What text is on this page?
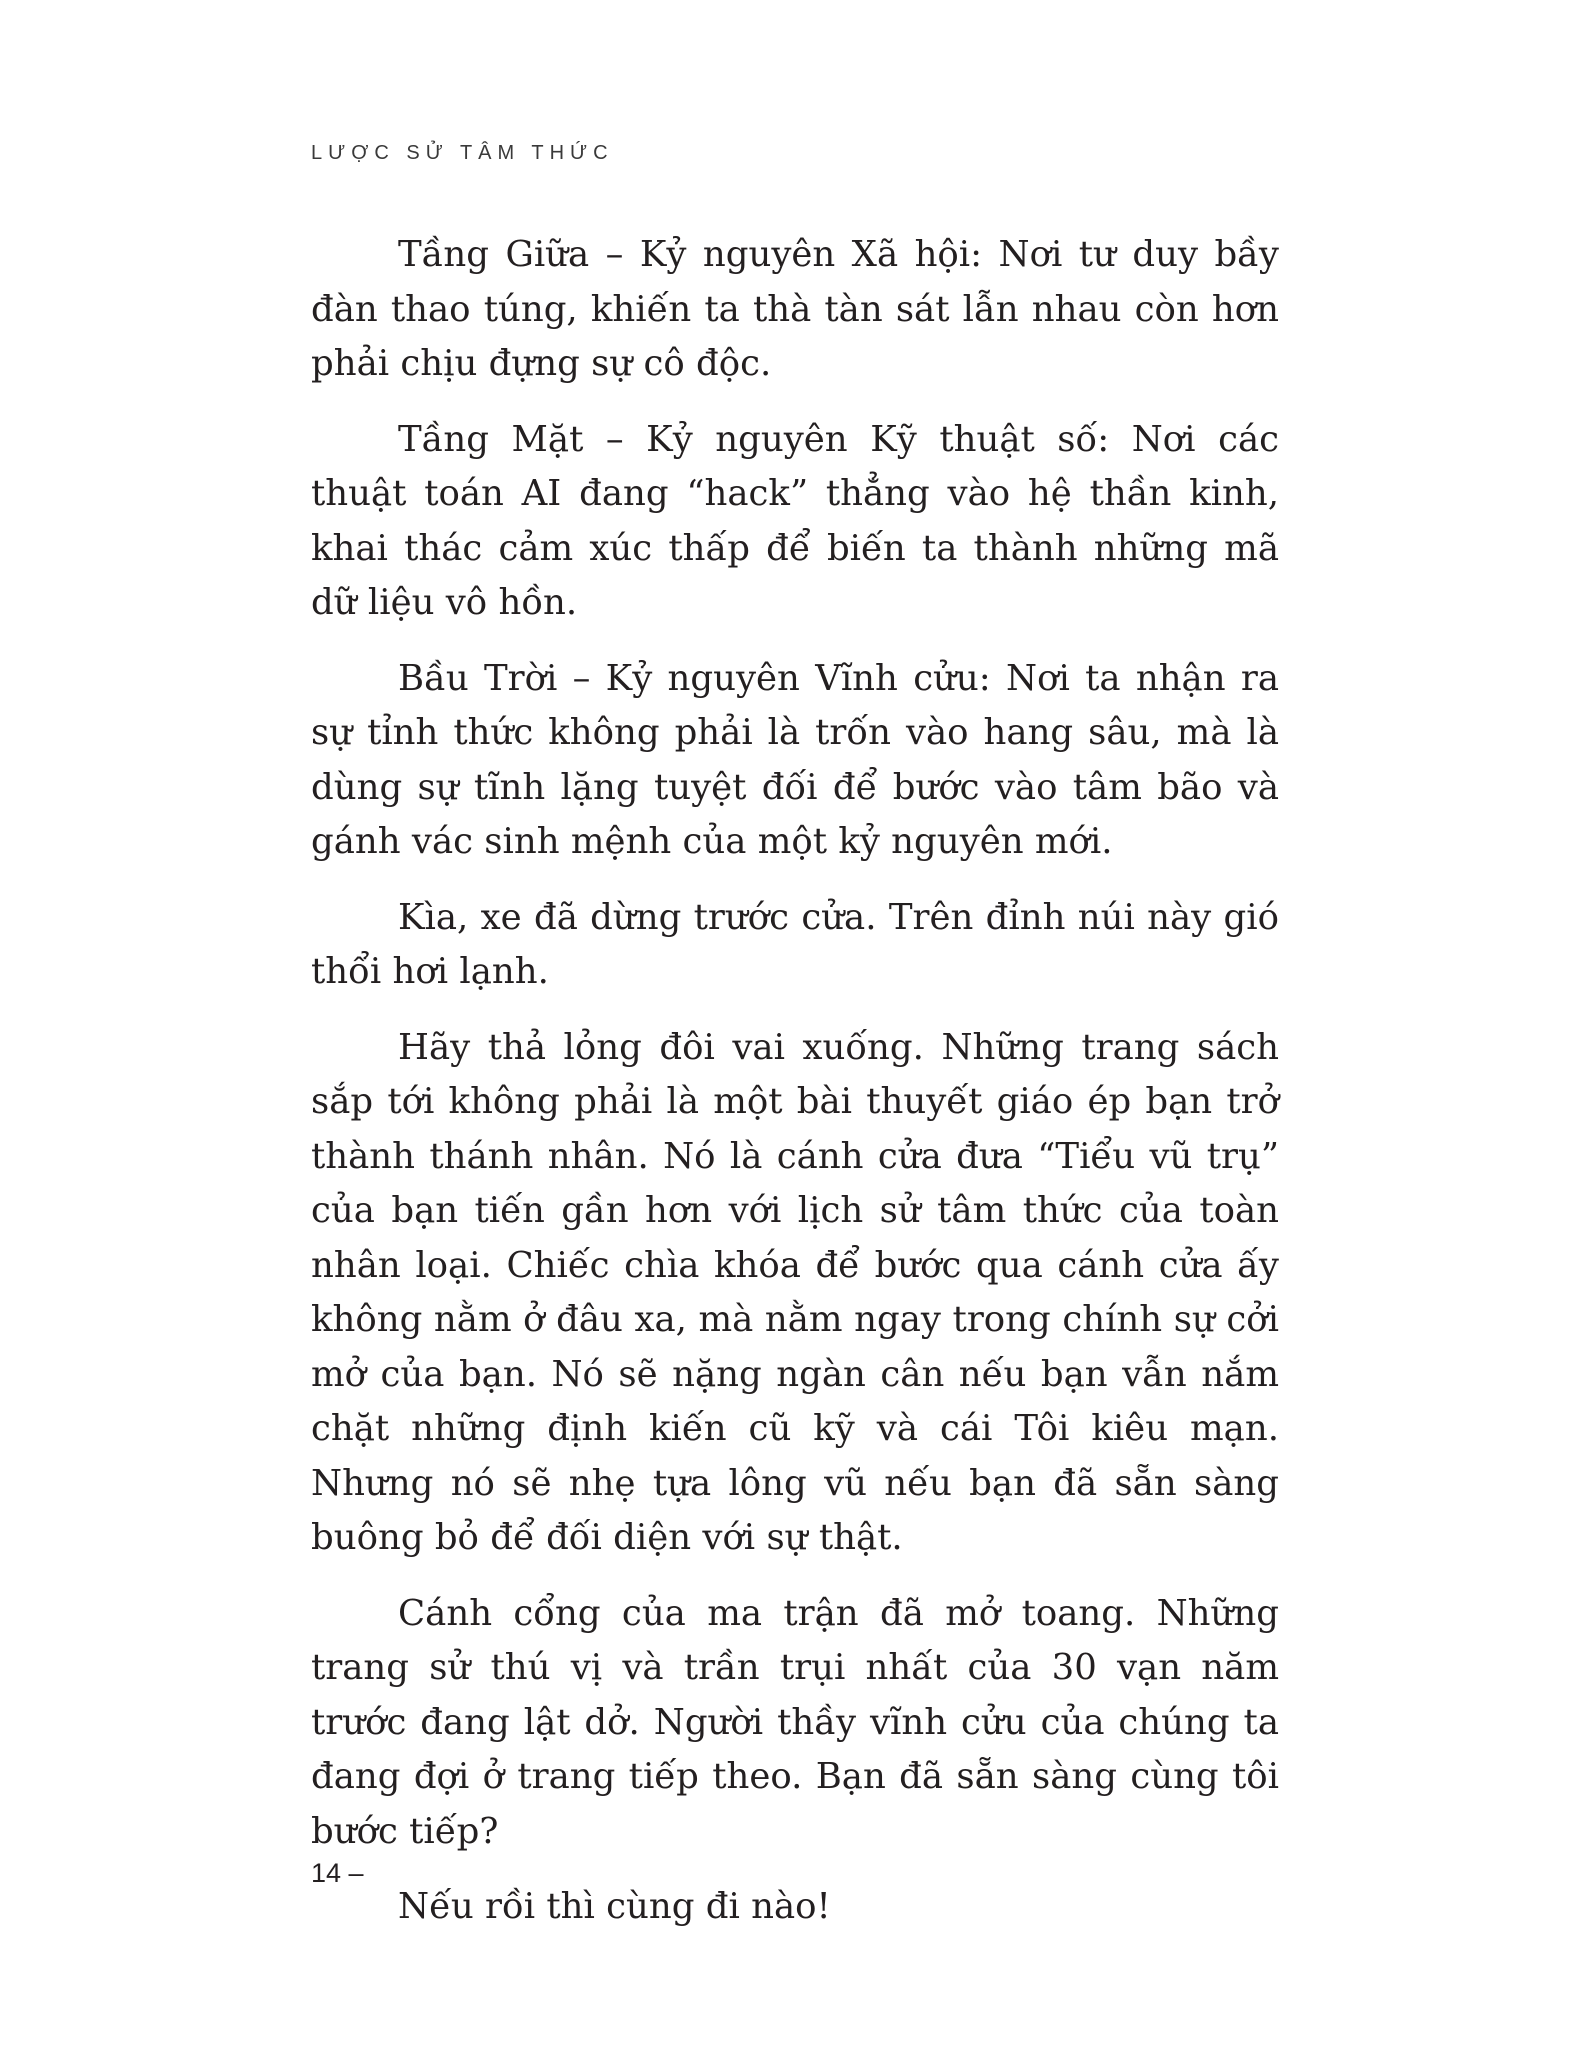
LƯỢC SỬ TÂM THỨC

Tầng Giữa – Kỷ nguyên Xã hội: Nơi tư duy bầy đàn thao túng, khiến ta thà tàn sát lẫn nhau còn hơn phải chịu đựng sự cô độc.

Tầng Mặt – Kỷ nguyên Kỹ thuật số: Nơi các thuật toán AI đang “hack” thẳng vào hệ thần kinh, khai thác cảm xúc thấp để biến ta thành những mã dữ liệu vô hồn.

Bầu Trời – Kỷ nguyên Vĩnh cửu: Nơi ta nhận ra sự tỉnh thức không phải là trốn vào hang sâu, mà là dùng sự tĩnh lặng tuyệt đối để bước vào tâm bão và gánh vác sinh mệnh của một kỷ nguyên mới.

Kìa, xe đã dừng trước cửa. Trên đỉnh núi này gió thổi hơi lạnh.

Hãy thả lỏng đôi vai xuống. Những trang sách sắp tới không phải là một bài thuyết giáo ép bạn trở thành thánh nhân. Nó là cánh cửa đưa “Tiểu vũ trụ” của bạn tiến gần hơn với lịch sử tâm thức của toàn nhân loại. Chiếc chìa khóa để bước qua cánh cửa ấy không nằm ở đâu xa, mà nằm ngay trong chính sự cởi mở của bạn. Nó sẽ nặng ngàn cân nếu bạn vẫn nắm chặt những định kiến cũ kỹ và cái Tôi kiêu mạn. Nhưng nó sẽ nhẹ tựa lông vũ nếu bạn đã sẵn sàng buông bỏ để đối diện với sự thật.

Cánh cổng của ma trận đã mở toang. Những trang sử thú vị và trần trụi nhất của 30 vạn năm trước đang lật dở. Người thầy vĩnh cửu của chúng ta đang đợi ở trang tiếp theo. Bạn đã sẵn sàng cùng tôi bước tiếp?

Nếu rồi thì cùng đi nào!

14 –
